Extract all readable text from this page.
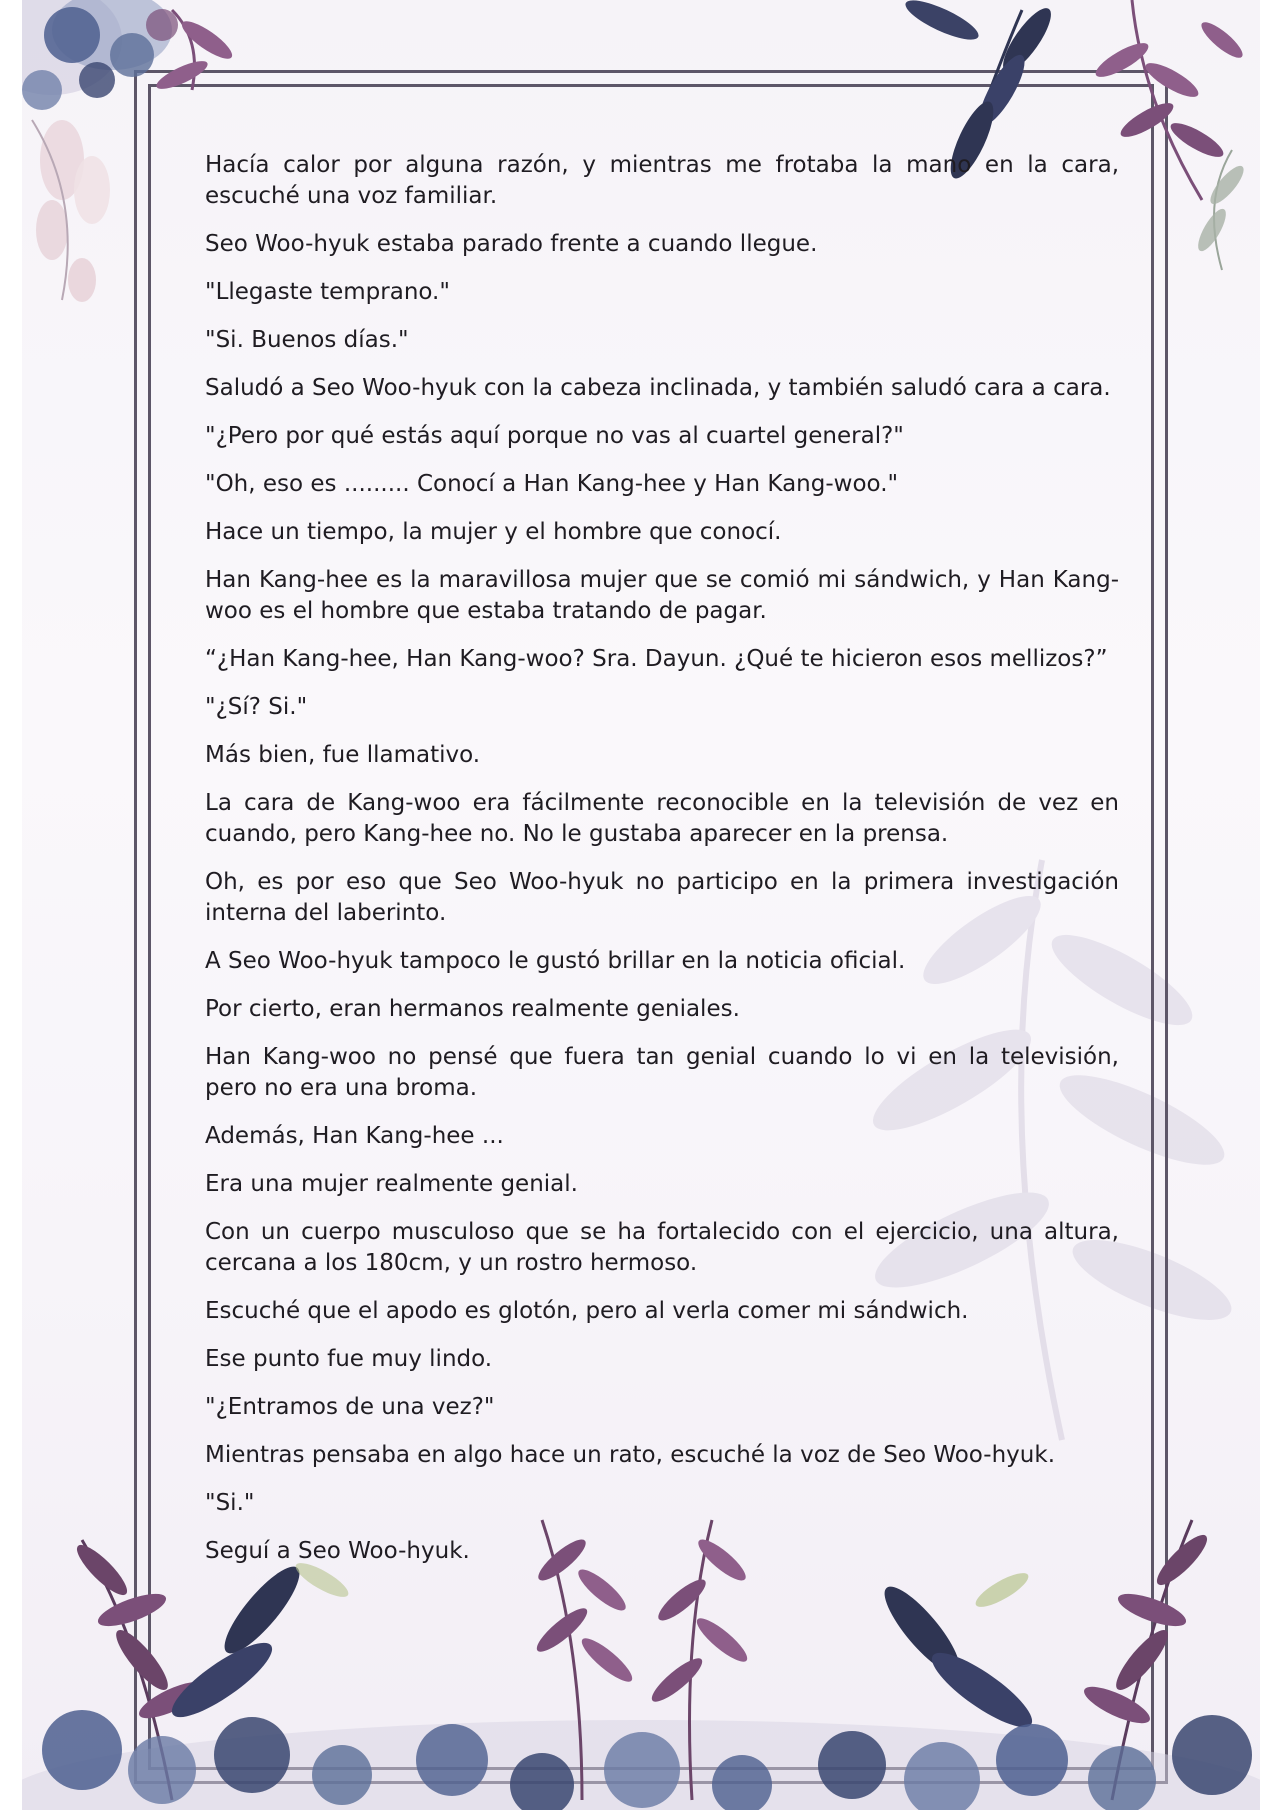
Hacía calor por alguna razón, y mientras me frotaba la mano en la cara, escuché una voz familiar.

Seo Woo-hyuk estaba parado frente a cuando llegue.

"Llegaste temprano."

"Si. Buenos días."

Saludó a Seo Woo-hyuk con la cabeza inclinada, y también saludó cara a cara.

"¿Pero por qué estás aquí porque no vas al cuartel general?"

"Oh, eso es ......... Conocí a Han Kang-hee y Han Kang-woo."

Hace un tiempo, la mujer y el hombre que conocí.

Han Kang-hee es la maravillosa mujer que se comió mi sándwich, y Han Kang-woo es el hombre que estaba tratando de pagar.

“¿Han Kang-hee, Han Kang-woo? Sra. Dayun. ¿Qué te hicieron esos mellizos?”

"¿Sí? Si."

Más bien, fue llamativo.

La cara de Kang-woo era fácilmente reconocible en la televisión de vez en cuando, pero Kang-hee no. No le gustaba aparecer en la prensa.

Oh, es por eso que Seo Woo-hyuk no participo en la primera investigación interna del laberinto.

A Seo Woo-hyuk tampoco le gustó brillar en la noticia oficial.

Por cierto, eran hermanos realmente geniales.

Han Kang-woo no pensé que fuera tan genial cuando lo vi en la televisión, pero no era una broma.

Además, Han Kang-hee ...

Era una mujer realmente genial.

Con un cuerpo musculoso que se ha fortalecido con el ejercicio, una altura, cercana a los 180cm, y un rostro hermoso.

Escuché que el apodo es glotón, pero al verla comer mi sándwich.

Ese punto fue muy lindo.

"¿Entramos de una vez?"

Mientras pensaba en algo hace un rato, escuché la voz de Seo Woo-hyuk.

"Si."

Seguí a Seo Woo-hyuk.
